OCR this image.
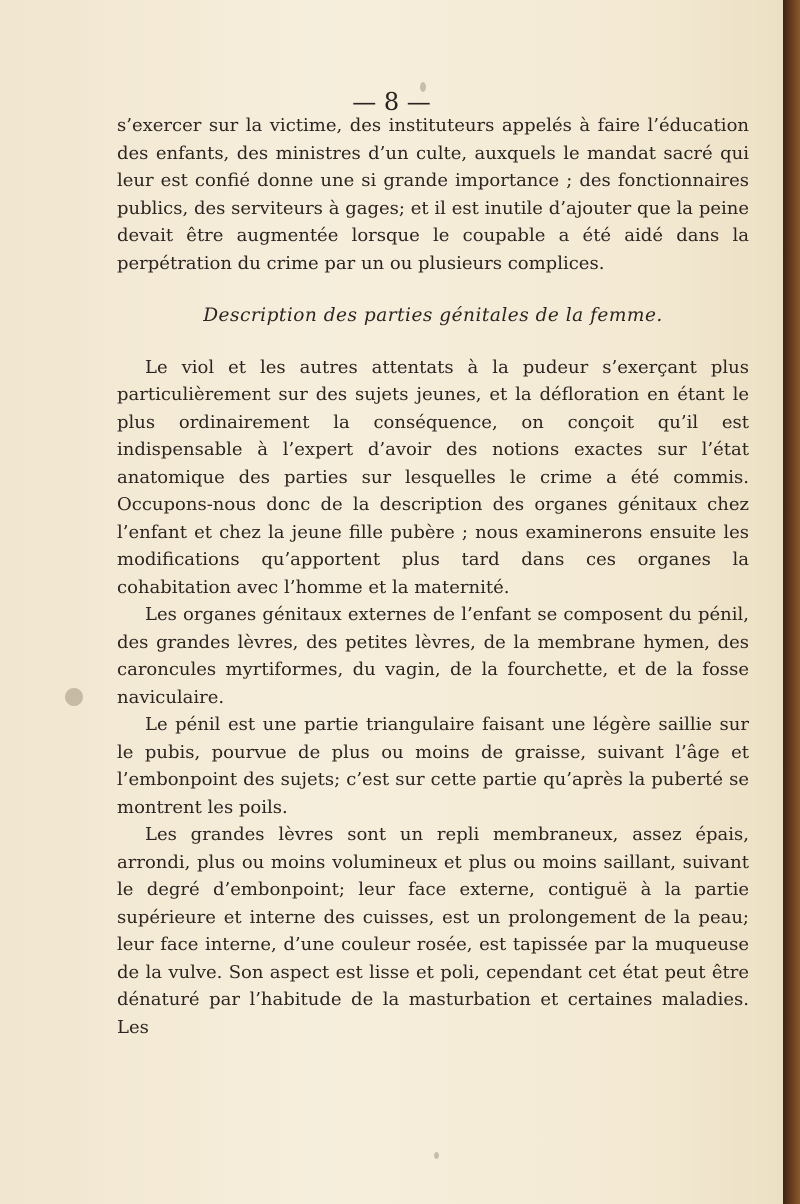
— 8 —

s’exercer sur la victime, des instituteurs appelés à faire l’éducation des enfants, des ministres d’un culte, auxquels le mandat sacré qui leur est confié donne une si grande importance ; des fonctionnaires publics, des serviteurs à gages; et il est inutile d’ajouter que la peine devait être augmentée lorsque le coupable a été aidé dans la perpétration du crime par un ou plusieurs complices.

Description des parties génitales de la femme.

Le viol et les autres attentats à la pudeur s’exerçant plus particulièrement sur des sujets jeunes, et la défloration en étant le plus ordinairement la conséquence, on conçoit qu’il est indispensable à l’expert d’avoir des notions exactes sur l’état anatomique des parties sur lesquelles le crime a été commis. Occupons-nous donc de la description des organes génitaux chez l’enfant et chez la jeune fille pubère ; nous examinerons ensuite les modifications qu’apportent plus tard dans ces organes la cohabitation avec l’homme et la maternité.

Les organes génitaux externes de l’enfant se composent du pénil, des grandes lèvres, des petites lèvres, de la membrane hymen, des caroncules myrtiformes, du vagin, de la fourchette, et de la fosse naviculaire.

Le pénil est une partie triangulaire faisant une légère saillie sur le pubis, pourvue de plus ou moins de graisse, suivant l’âge et l’embonpoint des sujets; c’est sur cette partie qu’après la puberté se montrent les poils.

Les grandes lèvres sont un repli membraneux, assez épais, arrondi, plus ou moins volumineux et plus ou moins saillant, suivant le degré d’embonpoint; leur face externe, contiguë à la partie supérieure et interne des cuisses, est un prolongement de la peau; leur face interne, d’une couleur rosée, est tapissée par la muqueuse de la vulve. Son aspect est lisse et poli, cependant cet état peut être dénaturé par l’habitude de la masturbation et certaines maladies. Les
